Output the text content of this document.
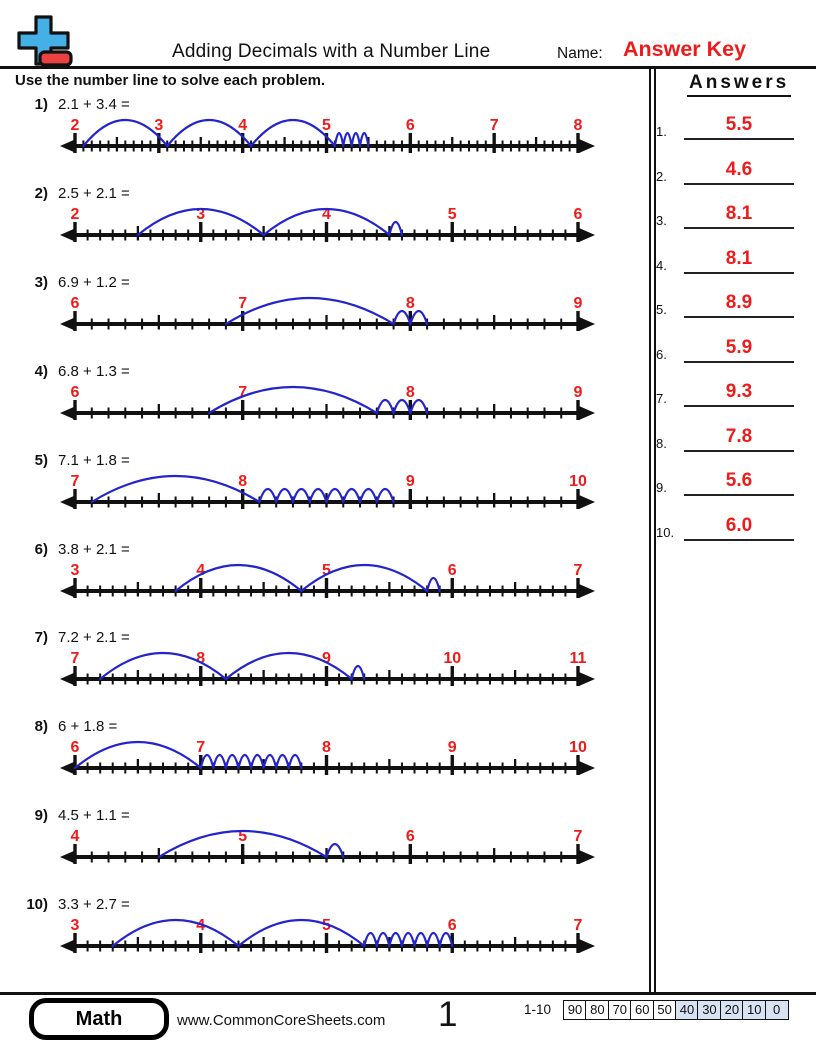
Adding Decimals with a Number Line	Name: Answer Key
Use the number line to solve each problem.
1) 2.1 + 3.4 =
2	3	4	5	6	7	8
2) 2.5 + 2.1 =
2	3	4	5	6
3) 6.9 + 1.2 =
6	7	8	9
4) 6.8 + 1.3 =
6	7	8	9
5) 7.1 + 1.8 =
7	8	9	10
6) 3.8 + 2.1 =
3	4	5	6	7
7) 7.2 + 2.1 =
7	8	9	10	11
8) 6 + 1.8 =
6	7	8	9	10
9) 4.5 + 1.1 =
4	5	6	7
10) 3.3 + 2.7 =
3	4	5	6	7
Answers
1.	5.5
2.	4.6
3.	8.1
4.	8.1
5.	8.9
6.	5.9
7.	9.3
8.	7.8
9.	5.6
10.	6.0
Math	www.CommonCoreSheets.com 1	1-10	90 80 70 60 50 40 30 20 10 0
